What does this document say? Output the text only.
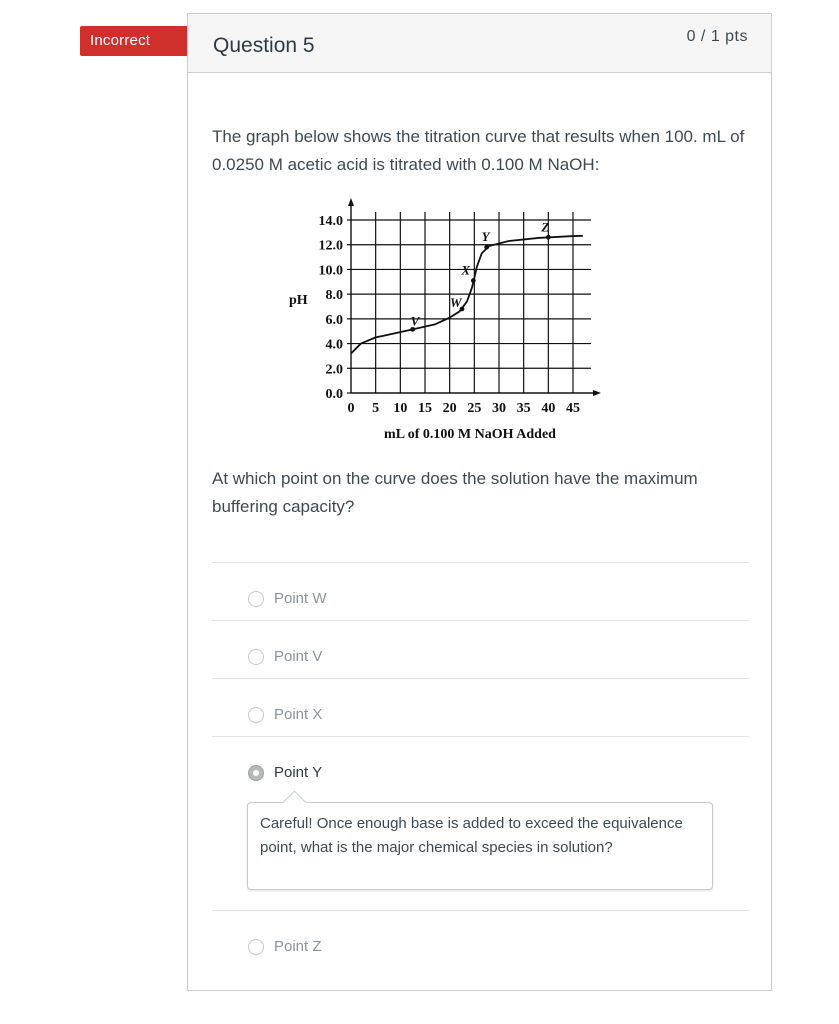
Incorrect	Question 5	0 / 1 pts
The graph below shows the titration curve that results when 100. mL of 0.0250 M acetic acid is titrated with 0.100 M NaOH:
0.0
2.0
4.0
6.0
8.0
10.0
12.0
14.0
0 5 10 15 20 25 30 35 40 45
pH
mL of 0.100 M NaOH Added
V
W
X
Y
Z
At which point on the curve does the solution have the maximum buffering capacity?
Point W
Point V
Point X
Point Y
Careful! Once enough base is added to exceed the equivalence point, what is the major chemical species in solution?
Point Z
